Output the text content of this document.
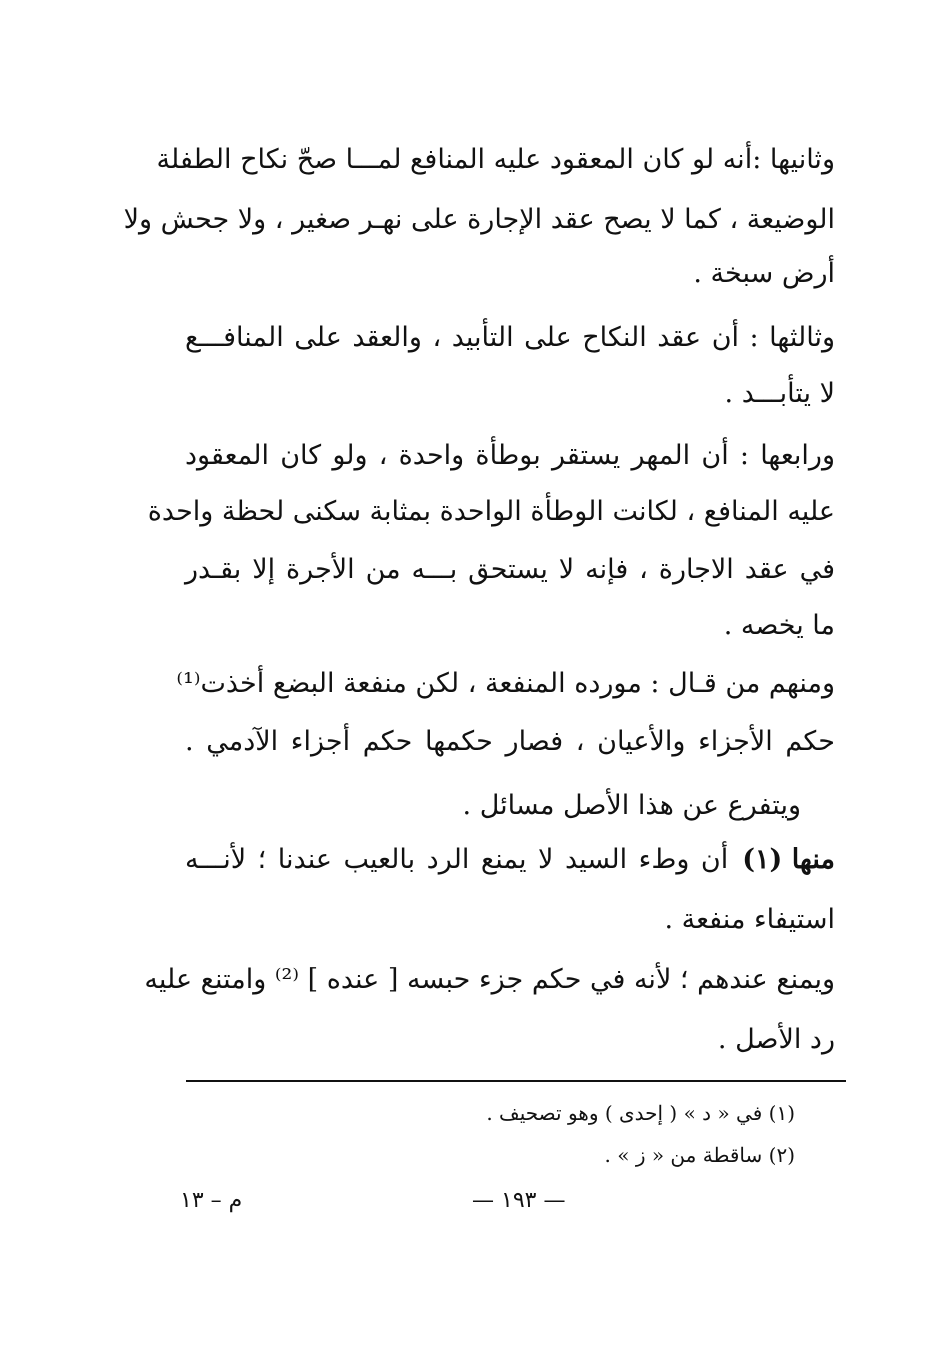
وثانيها :أنه لو كان المعقود عليه المنافع لمـــا صحّ نكاح الطفلة
الوضيعة ، كما لا يصح عقد الإجارة على نهـر صغير ، ولا جحش ولا
أرض سبخة .
وثالثها : أن عقد النكاح على التأبيد ، والعقد على المنافـــع
لا يتأبـــد .
ورابعها : أن المهر يستقر بوطأة واحدة ، ولو كان المعقود
عليه المنافع ، لكانت الوطأة الواحدة بمثابة سكنى لحظة واحدة
في عقد الاجارة ، فإنه لا يستحق بـــه من الأجرة إلا بقـدر
ما يخصه .
ومنهم من قـال : مورده المنفعة ، لكن منفعة البضع أخذت⁽¹⁾
حكم الأجزاء والأعيان ، فصار حكمها حكم أجزاء الآدمي .
ويتفرع عن هذا الأصل مسائل .
منها (١)
أن وطء السيد لا يمنع الرد بالعيب عندنا ؛ لأنـــه
استيفاء منفعة .
ويمنع عندهم ؛ لأنه في حكم جزء حبسه [ عنده ] ⁽²⁾ وامتنع عليه
رد الأصل .
(١) في « د » ( إحدى ) وهو تصحيف .
(٢) ساقطة من « ز » .
— ١٩٣ —
م – ١٣
